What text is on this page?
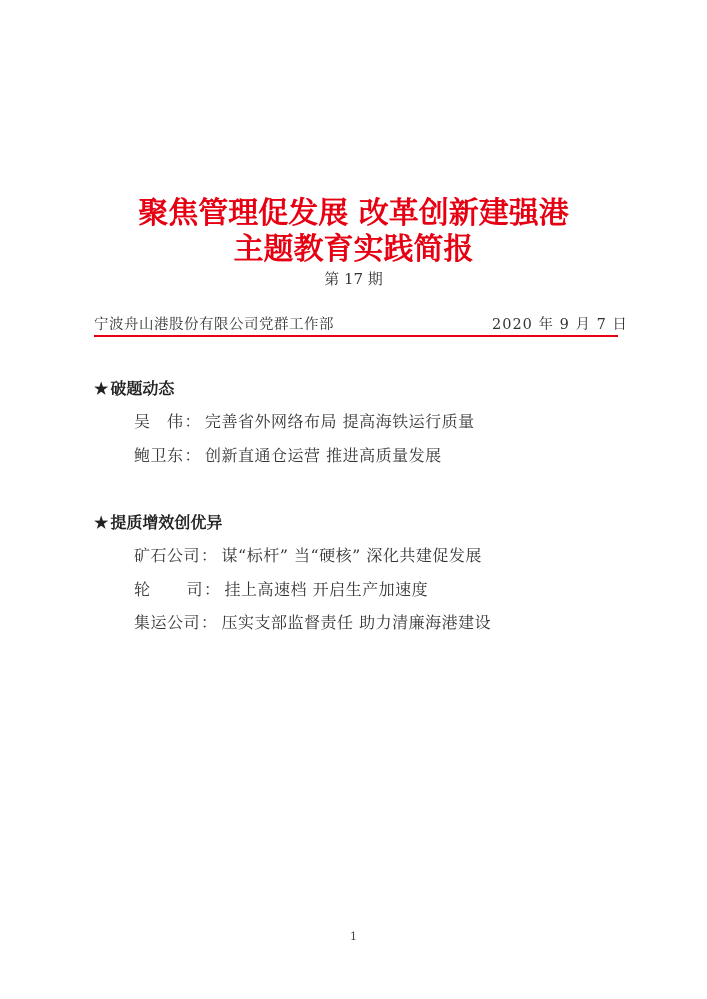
聚焦管理促发展 改革创新建强港
主题教育实践简报
第 17 期
宁波舟山港股份有限公司党群工作部	2020 年 9 月 7 日
★ 破题动态
吴　伟： 完善省外网络布局 提高海铁运行质量
鲍卫东： 创新直通仓运营 推进高质量发展
★ 提质增效创优异
矿石公司： 谋“标杆” 当“硬核” 深化共建促发展
轮 司： 挂上高速档 开启生产加速度
集运公司： 压实支部监督责任 助力清廉海港建设
1
